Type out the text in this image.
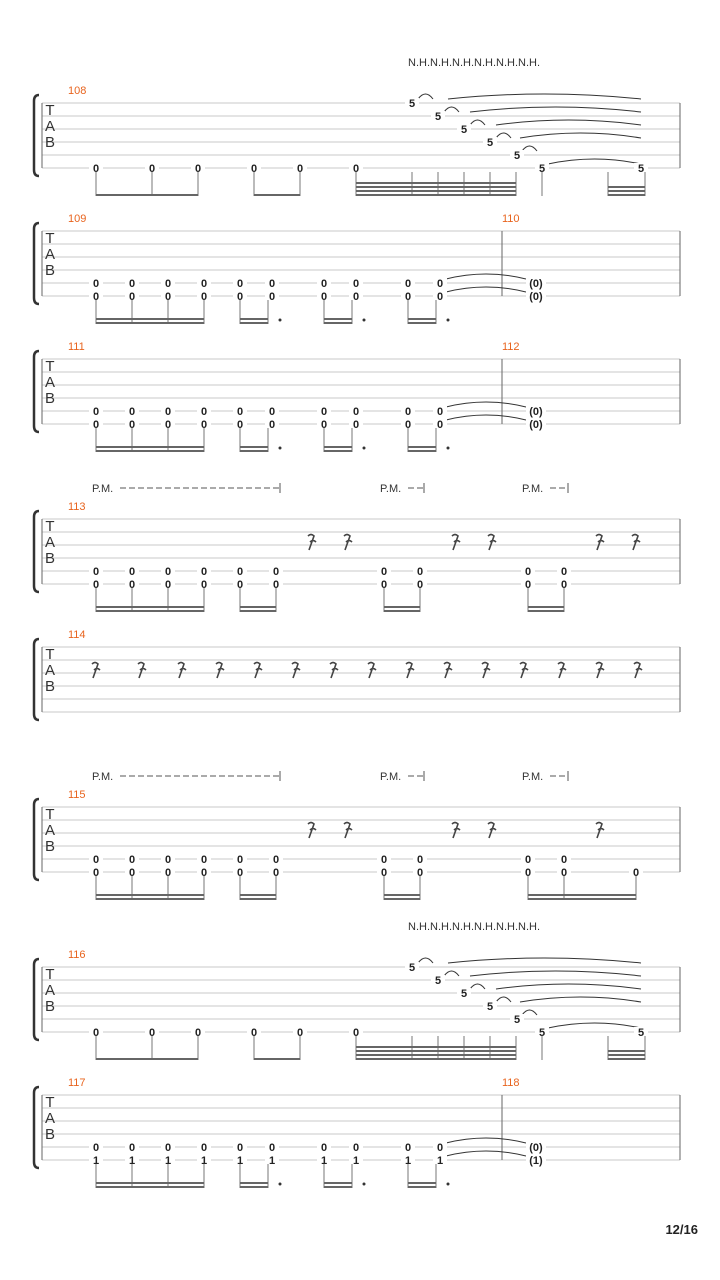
T
A
B
108
N.H.N.H.N.H.N.H.N.H.N.H.
0	0	0	0	0	0
5
5
5
5
5
5	5
T
A
B
109	110
0
0
0
0
0
0
0
0
0
0
0
0
0
0
0
0
0
0
0
0
(0)
(0)
T
A
B
111	112
0
0
0
0
0
0
0
0
0
0
0
0
0
0
0
0
0
0
0
0
(0)
(0)
T
A
B
113
P.M.	P.M.	P.M.
0
0
0
0
0
0
0
0
0
0
0
0
0
0
0
0
0
0
0
0
T
A
B
114
T
A
B
115
P.M.	P.M.	P.M.
0
0
0
0
0
0
0
0
0
0
0
0
0
0
0
0
0
0
0
0	0
T
A
B
116
N.H.N.H.N.H.N.H.N.H.N.H.
0	0	0	0	0	0
5
5
5
5
5
5	5
T
A
B
117	118
0
1
0
1
0
1
0
1
0
1
0
1
0
1
0
1
0
1
0
1
(0)
(1)
12/16
